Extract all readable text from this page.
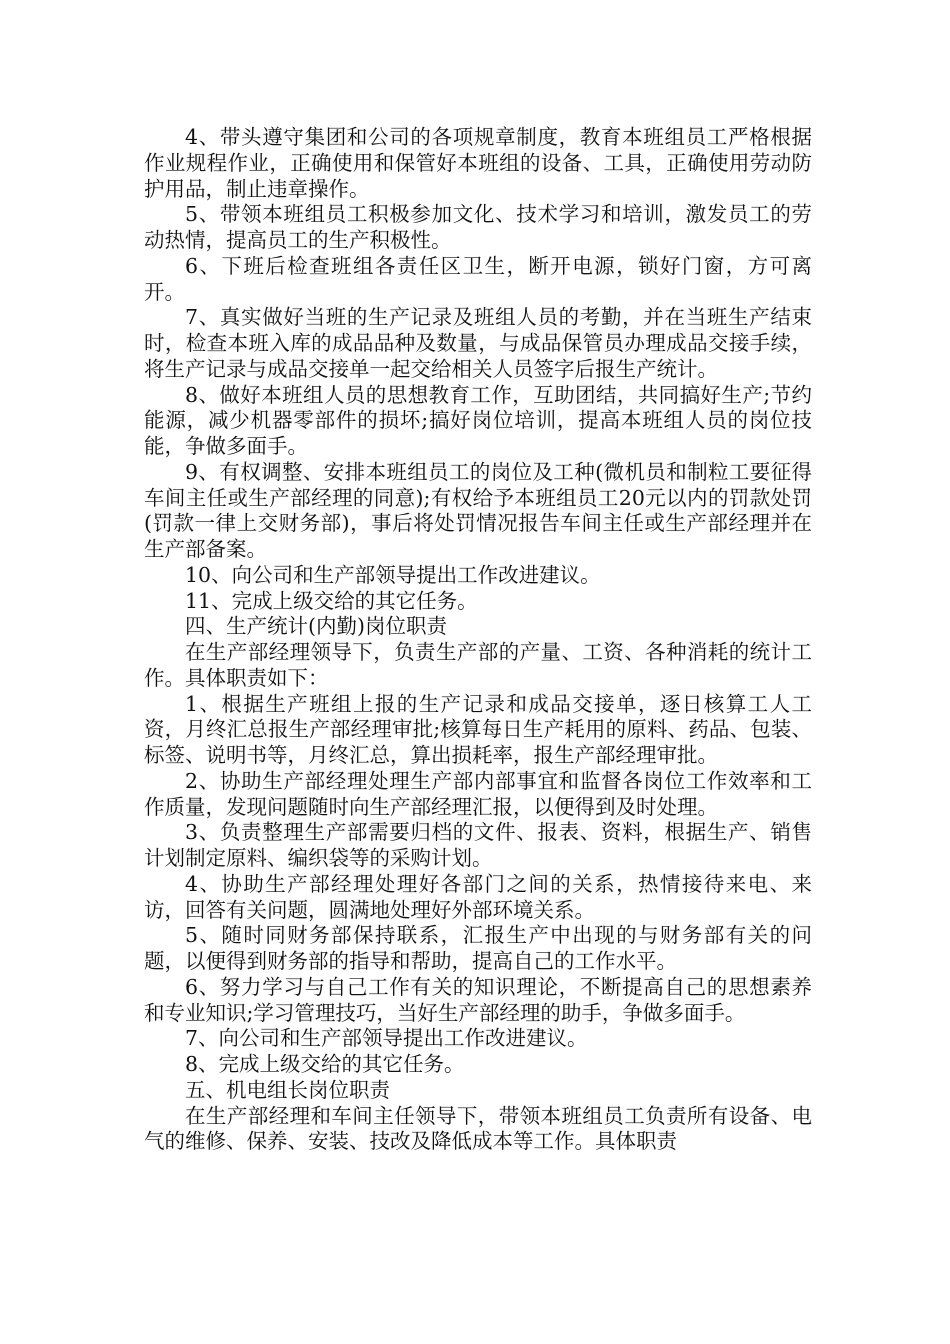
4、带头遵守集团和公司的各项规章制度，教育本班组员工严格根据作业规程作业，正确使用和保管好本班组的设备、工具，正确使用劳动防护用品，制止违章操作。

5、带领本班组员工积极参加文化、技术学习和培训，激发员工的劳动热情，提高员工的生产积极性。

6、下班后检查班组各责任区卫生，断开电源，锁好门窗，方可离开。

7、真实做好当班的生产记录及班组人员的考勤，并在当班生产结束时，检查本班入库的成品品种及数量，与成品保管员办理成品交接手续，将生产记录与成品交接单一起交给相关人员签字后报生产统计。

8、做好本班组人员的思想教育工作，互助团结，共同搞好生产;节约能源，减少机器零部件的损坏;搞好岗位培训，提高本班组人员的岗位技能，争做多面手。

9、有权调整、安排本班组员工的岗位及工种(微机员和制粒工要征得车间主任或生产部经理的同意);有权给予本班组员工20元以内的罚款处罚(罚款一律上交财务部)，事后将处罚情况报告车间主任或生产部经理并在生产部备案。

10、向公司和生产部领导提出工作改进建议。

11、完成上级交给的其它任务。

四、生产统计(内勤)岗位职责

在生产部经理领导下，负责生产部的产量、工资、各种消耗的统计工作。具体职责如下：

1、根据生产班组上报的生产记录和成品交接单，逐日核算工人工资，月终汇总报生产部经理审批;核算每日生产耗用的原料、药品、包装、标签、说明书等，月终汇总，算出损耗率，报生产部经理审批。

2、协助生产部经理处理生产部内部事宜和监督各岗位工作效率和工作质量，发现问题随时向生产部经理汇报，以便得到及时处理。

3、负责整理生产部需要归档的文件、报表、资料，根据生产、销售计划制定原料、编织袋等的采购计划。

4、协助生产部经理处理好各部门之间的关系，热情接待来电、来访，回答有关问题，圆满地处理好外部环境关系。

5、随时同财务部保持联系，汇报生产中出现的与财务部有关的问题，以便得到财务部的指导和帮助，提高自己的工作水平。

6、努力学习与自己工作有关的知识理论，不断提高自己的思想素养和专业知识;学习管理技巧，当好生产部经理的助手，争做多面手。

7、向公司和生产部领导提出工作改进建议。

8、完成上级交给的其它任务。

五、机电组长岗位职责

在生产部经理和车间主任领导下，带领本班组员工负责所有设备、电气的维修、保养、安装、技改及降低成本等工作。具体职责
